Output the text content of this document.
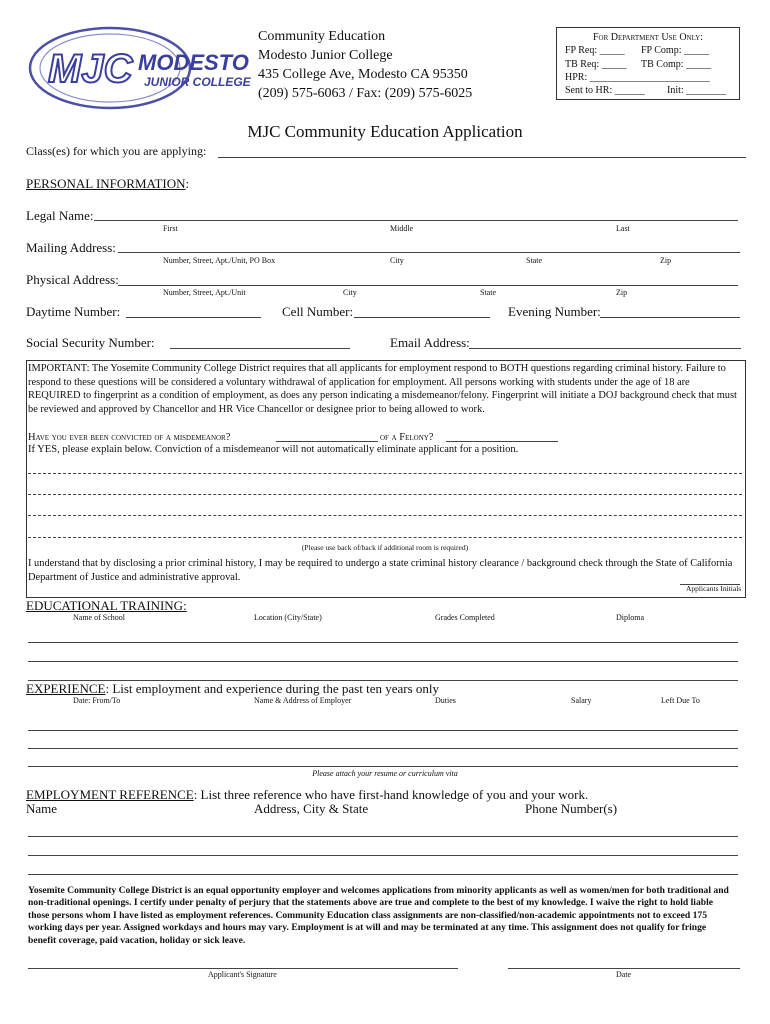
MJC MODESTO
JUNIOR COLLEGE
Community Education
Modesto Junior College
435 College Ave, Modesto CA 95350
(209) 575-6063 / Fax: (209) 575-6025
For Department Use Only:
FP Req: _____ FP Comp: _____
TB Req: _____ TB Comp: _____
HPR: ________________________
Sent to HR: ______ Init: ________
MJC Community Education Application
Class(es) for which you are applying:
PERSONAL INFORMATION:
Legal Name:
First	Middle	Last
Mailing Address:
Number, Street, Apt./Unit, PO Box	City	State	Zip
Physical Address:
Number, Street, Apt./Unit	City	State	Zip
Daytime Number:	Cell Number:	Evening Number:
Social Security Number:	Email Address:
IMPORTANT: The Yosemite Community College District requires that all applicants for employment respond to BOTH questions regarding criminal history. Failure to respond to these questions will be considered a voluntary withdrawal of application for employment. All persons working with students under the age of 18 are REQUIRED to fingerprint as a condition of employment, as does any person indicating a misdemeanor/felony. Fingerprint will initiate a DOJ background check that must be reviewed and approved by Chancellor and HR Vice Chancellor or designee prior to being allowed to work.
Have you ever been convicted of a misdemeanor?	of a Felony?
If YES, please explain below. Conviction of a misdemeanor will not automatically eliminate applicant for a position.
(Please use back of/back if additional room is required)
I understand that by disclosing a prior criminal history, I may be required to undergo a state criminal history clearance / background check through the State of California Department of Justice and administrative approval.
Applicants Initials
EDUCATIONAL TRAINING:
Name of School	Location (City/State)	Grades Completed	Diploma
EXPERIENCE: List employment and experience during the past ten years only
Date: From/To	Name & Address of Employer	Duties	Salary	Left Due To
Please attach your resume or curriculum vita
EMPLOYMENT REFERENCE: List three reference who have first-hand knowledge of you and your work.
Name	Address, City & State	Phone Number(s)
Yosemite Community College District is an equal opportunity employer and welcomes applications from minority applicants as well as women/men for both traditional and non-traditional openings. I certify under penalty of perjury that the statements above are true and complete to the best of my knowledge. I waive the right to hold liable those persons whom I have listed as employment references. Community Education class assignments are non-classified/non-academic appointments not to exceed 175 working days per year. Assigned workdays and hours may vary. Employment is at will and may be terminated at any time. This assignment does not qualify for fringe benefit coverage, paid vacation, holiday or sick leave.
Applicant's Signature	Date
